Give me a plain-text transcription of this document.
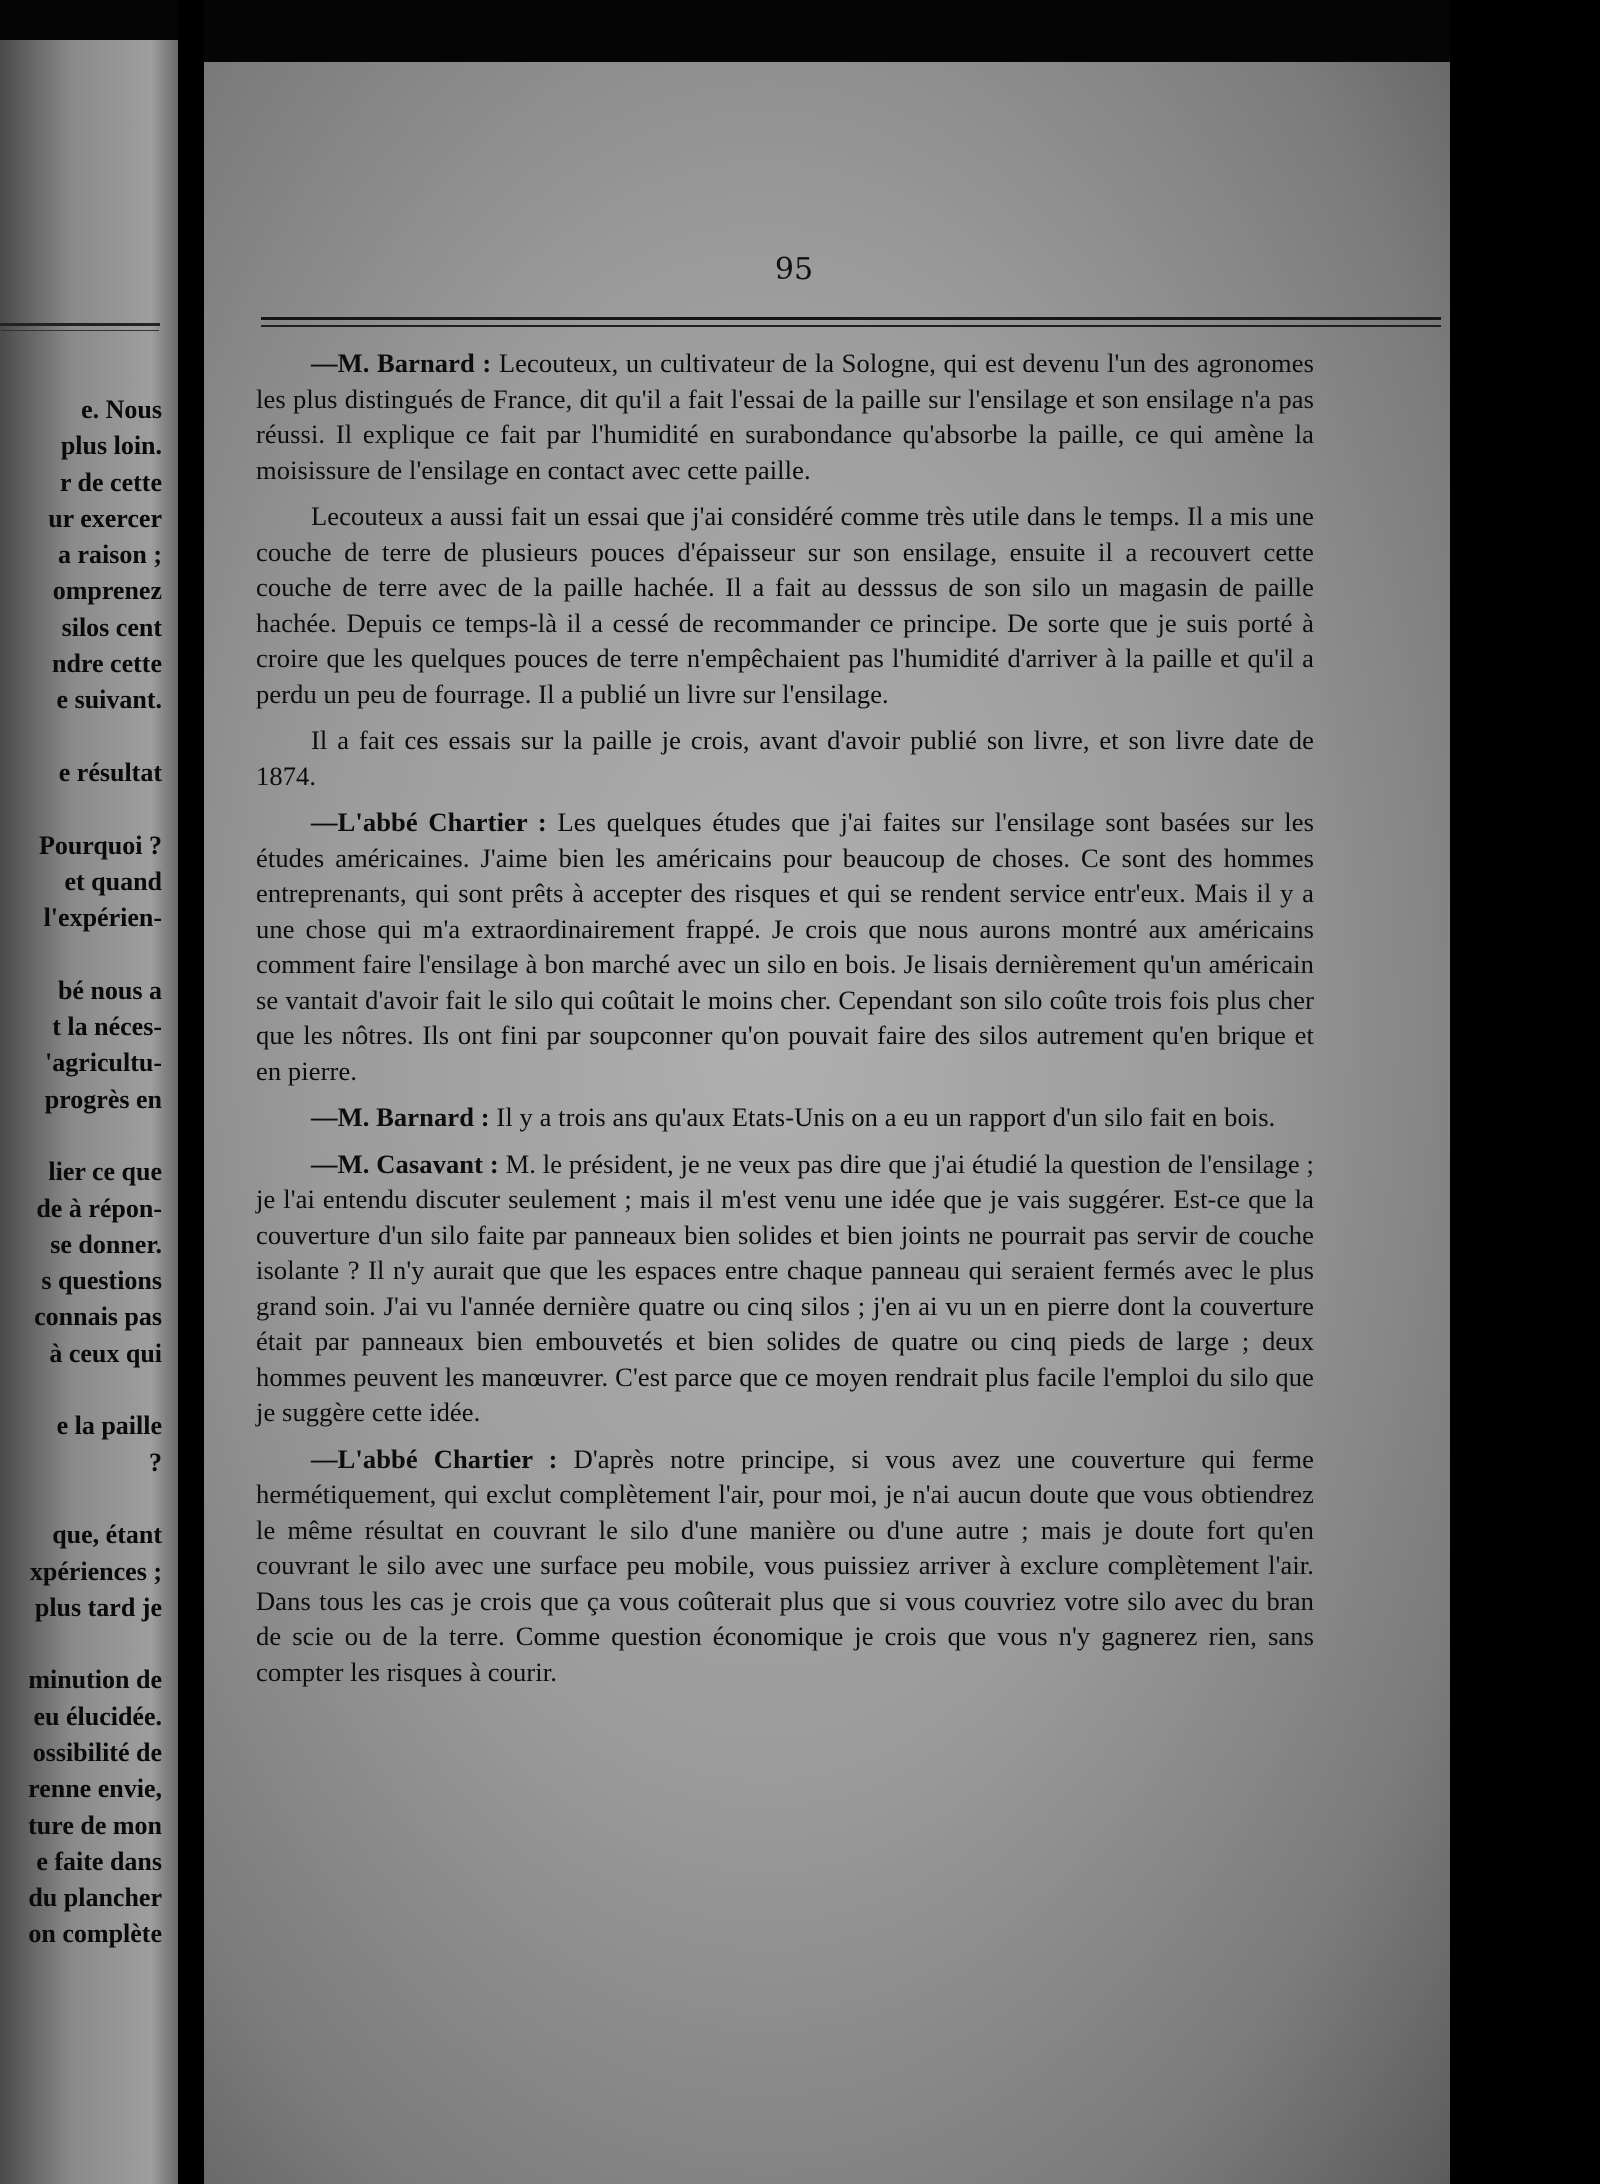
e. Nous
plus loin.
r de cette
ur exercer
a raison ;
omprenez
silos cent
ndre cette
e suivant.

e résultat

Pourquoi ?
et quand
l'expérien-

bé nous a
t la néces-
'agricultu-
progrès en

lier ce que
de à répon-
se donner.
s questions
connais pas
à ceux qui

e la paille
?

que, étant
xpériences ;
plus tard je

minution de
eu élucidée.
ossibilité de
renne envie,
ture de mon
e faite dans
du plancher
on complète
95

—M. Barnard : Lecouteux, un cultivateur de la Sologne, qui est devenu l'un des agronomes les plus distingués de France, dit qu'il a fait l'essai de la paille sur l'ensilage et son ensilage n'a pas réussi. Il explique ce fait par l'humidité en surabondance qu'absorbe la paille, ce qui amène la moisissure de l'ensilage en contact avec cette paille.

Lecouteux a aussi fait un essai que j'ai considéré comme très utile dans le temps. Il a mis une couche de terre de plusieurs pouces d'épaisseur sur son ensilage, ensuite il a recouvert cette couche de terre avec de la paille hachée. Il a fait au desssus de son silo un magasin de paille hachée. Depuis ce temps-là il a cessé de recommander ce principe. De sorte que je suis porté à croire que les quelques pouces de terre n'empêchaient pas l'humidité d'arriver à la paille et qu'il a perdu un peu de fourrage. Il a publié un livre sur l'ensilage.

Il a fait ces essais sur la paille je crois, avant d'avoir publié son livre, et son livre date de 1874.

—L'abbé Chartier : Les quelques études que j'ai faites sur l'ensilage sont basées sur les études américaines. J'aime bien les américains pour beaucoup de choses. Ce sont des hommes entreprenants, qui sont prêts à accepter des risques et qui se rendent service entr'eux. Mais il y a une chose qui m'a extraordinairement frappé. Je crois que nous aurons montré aux américains comment faire l'ensilage à bon marché avec un silo en bois. Je lisais dernièrement qu'un américain se vantait d'avoir fait le silo qui coûtait le moins cher. Cependant son silo coûte trois fois plus cher que les nôtres. Ils ont fini par soupconner qu'on pouvait faire des silos autrement qu'en brique et en pierre.

—M. Barnard : Il y a trois ans qu'aux Etats-Unis on a eu un rapport d'un silo fait en bois.

—M. Casavant : M. le président, je ne veux pas dire que j'ai étudié la question de l'ensilage ; je l'ai entendu discuter seulement ; mais il m'est venu une idée que je vais suggérer. Est-ce que la couverture d'un silo faite par panneaux bien solides et bien joints ne pourrait pas servir de couche isolante ? Il n'y aurait que que les espaces entre chaque panneau qui seraient fermés avec le plus grand soin. J'ai vu l'année dernière quatre ou cinq silos ; j'en ai vu un en pierre dont la couverture était par panneaux bien embouvetés et bien solides de quatre ou cinq pieds de large ; deux hommes peuvent les manœuvrer. C'est parce que ce moyen rendrait plus facile l'emploi du silo que je suggère cette idée.

—L'abbé Chartier : D'après notre principe, si vous avez une couverture qui ferme hermétiquement, qui exclut complètement l'air, pour moi, je n'ai aucun doute que vous obtiendrez le même résultat en couvrant le silo d'une manière ou d'une autre ; mais je doute fort qu'en couvrant le silo avec une surface peu mobile, vous puissiez arriver à exclure complètement l'air. Dans tous les cas je crois que ça vous coûterait plus que si vous couvriez votre silo avec du bran de scie ou de la terre. Comme question économique je crois que vous n'y gagnerez rien, sans compter les risques à courir.
